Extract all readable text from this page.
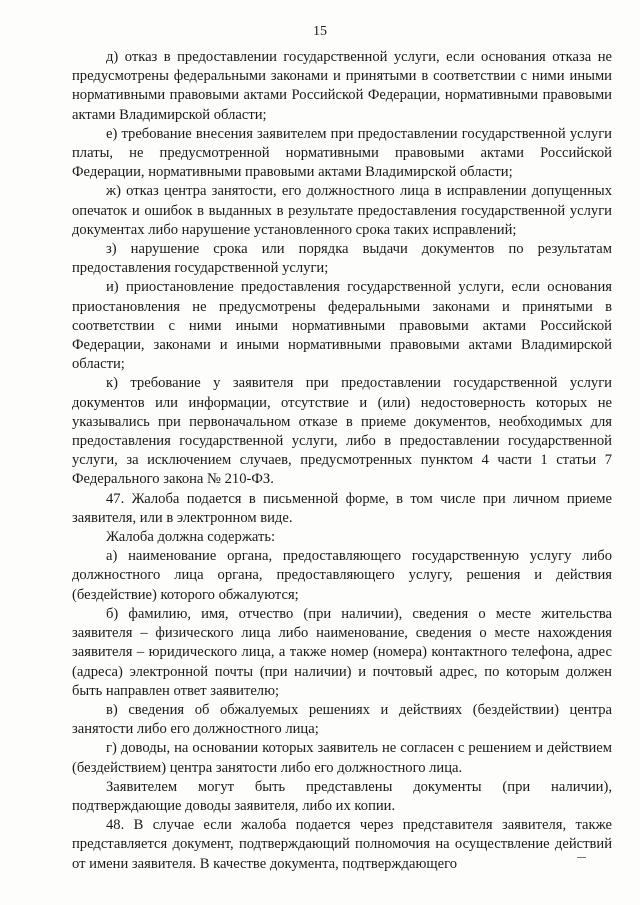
15

д) отказ в предоставлении государственной услуги, если основания отказа не предусмотрены федеральными законами и принятыми в соответствии с ними иными нормативными правовыми актами Российской Федерации, нормативными правовыми актами Владимирской области;

е) требование внесения заявителем при предоставлении государственной услуги платы, не предусмотренной нормативными правовыми актами Российской Федерации, нормативными правовыми актами Владимирской области;

ж) отказ центра занятости, его должностного лица в исправлении допущенных опечаток и ошибок в выданных в результате предоставления государственной услуги документах либо нарушение установленного срока таких исправлений;

з) нарушение срока или порядка выдачи документов по результатам предоставления государственной услуги;

и) приостановление предоставления государственной услуги, если основания приостановления не предусмотрены федеральными законами и принятыми в соответствии с ними иными нормативными правовыми актами Российской Федерации, законами и иными нормативными правовыми актами Владимирской области;

к) требование у заявителя при предоставлении государственной услуги документов или информации, отсутствие и (или) недостоверность которых не указывались при первоначальном отказе в приеме документов, необходимых для предоставления государственной услуги, либо в предоставлении государственной услуги, за исключением случаев, предусмотренных пунктом 4 части 1 статьи 7 Федерального закона № 210-ФЗ.

47. Жалоба подается в письменной форме, в том числе при личном приеме заявителя, или в электронном виде.

Жалоба должна содержать:

а) наименование органа, предоставляющего государственную услугу либо должностного лица органа, предоставляющего услугу, решения и действия (бездействие) которого обжалуются;

б) фамилию, имя, отчество (при наличии), сведения о месте жительства заявителя – физического лица либо наименование, сведения о месте нахождения заявителя – юридического лица, а также номер (номера) контактного телефона, адрес (адреса) электронной почты (при наличии) и почтовый адрес, по которым должен быть направлен ответ заявителю;

в) сведения об обжалуемых решениях и действиях (бездействии) центра занятости либо его должностного лица;

г) доводы, на основании которых заявитель не согласен с решением и действием (бездействием) центра занятости либо его должностного лица.

Заявителем могут быть представлены документы (при наличии), подтверждающие доводы заявителя, либо их копии.

48. В случае если жалоба подается через представителя заявителя, также представляется документ, подтверждающий полномочия на осуществление действий от имени заявителя. В качестве документа, подтверждающего
